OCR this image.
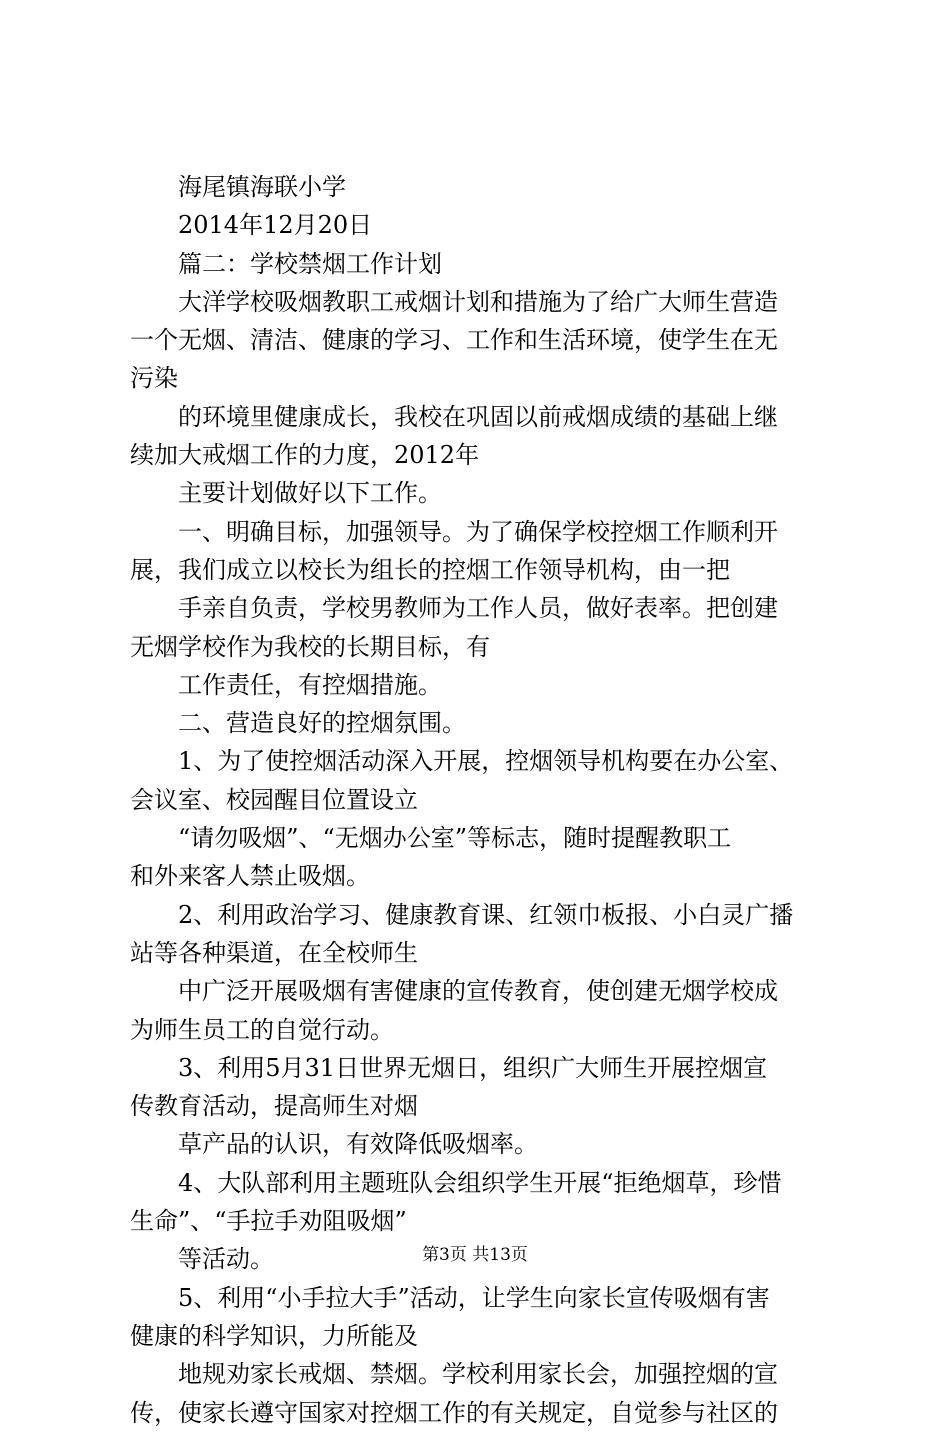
海尾镇海联小学
2014年12月20日
篇二：学校禁烟工作计划
大洋学校吸烟教职工戒烟计划和措施为了给广大师生营造
一个无烟、清洁、健康的学习、工作和生活环境，使学生在无
污染
的环境里健康成长，我校在巩固以前戒烟成绩的基础上继
续加大戒烟工作的力度，2012年
主要计划做好以下工作。
一、明确目标，加强领导。为了确保学校控烟工作顺利开
展，我们成立以校长为组长的控烟工作领导机构，由一把
手亲自负责，学校男教师为工作人员，做好表率。把创建
无烟学校作为我校的长期目标，有
工作责任，有控烟措施。
二、营造良好的控烟氛围。
1、为了使控烟活动深入开展，控烟领导机构要在办公室、
会议室、校园醒目位置设立
“请勿吸烟”、“无烟办公室”等标志，随时提醒教职工
和外来客人禁止吸烟。
2、利用政治学习、健康教育课、红领巾板报、小白灵广播
站等各种渠道，在全校师生
中广泛开展吸烟有害健康的宣传教育，使创建无烟学校成
为师生员工的自觉行动。
3、利用5月31日世界无烟日，组织广大师生开展控烟宣
传教育活动，提高师生对烟
草产品的认识，有效降低吸烟率。
4、大队部利用主题班队会组织学生开展“拒绝烟草，珍惜
生命”、“手拉手劝阻吸烟”
等活动。
5、利用“小手拉大手”活动，让学生向家长宣传吸烟有害
健康的科学知识，力所能及
地规劝家长戒烟、禁烟。学校利用家长会，加强控烟的宣
传，使家长遵守国家对控烟工作的有关规定，自觉参与社区的
第3页 共13页
